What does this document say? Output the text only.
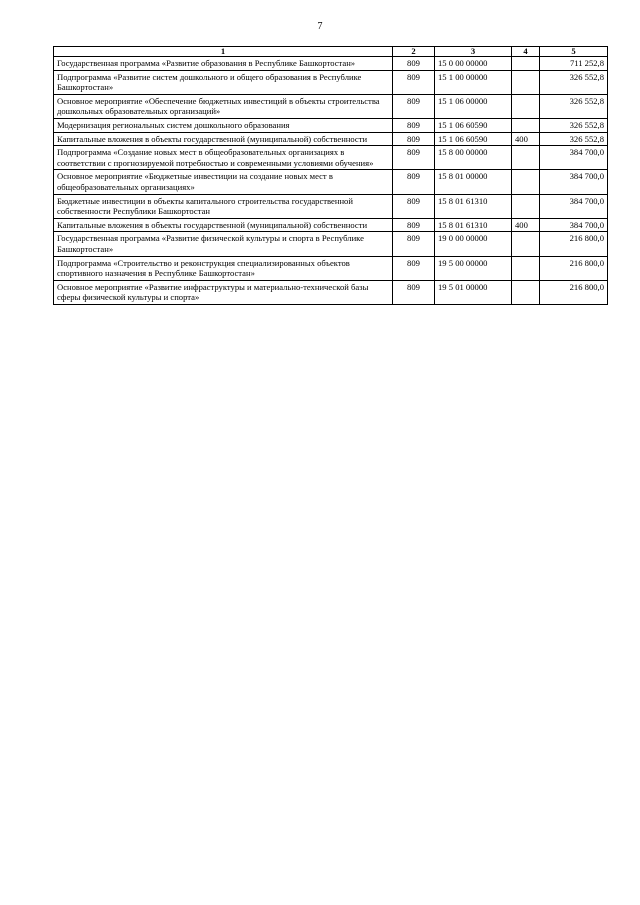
7
1	2	3	4	5
Государственная программа «Развитие образования в Республике Башкортостан»	809	15 0 00 00000		711 252,8
Подпрограмма «Развитие систем дошкольного и общего образования в Республике Башкортостан»	809	15 1 00 00000		326 552,8
Основное мероприятие «Обеспечение бюджетных инвестиций в объекты строительства дошкольных образовательных организаций»	809	15 1 06 00000		326 552,8
Модернизация региональных систем дошкольного образования	809	15 1 06 60590		326 552,8
Капитальные вложения в объекты государственной (муниципальной) собственности	809	15 1 06 60590	400	326 552,8
Подпрограмма «Создание новых мест в общеобразовательных организациях в соответствии с прогнозируемой потребностью и современными условиями обучения»	809	15 8 00 00000		384 700,0
Основное мероприятие «Бюджетные инвестиции на создание новых мест в общеобразовательных организациях»	809	15 8 01 00000		384 700,0
Бюджетные инвестиции в объекты капитального строительства государственной собственности Республики Башкортостан	809	15 8 01 61310		384 700,0
Капитальные вложения в объекты государственной (муниципальной) собственности	809	15 8 01 61310	400	384 700,0
Государственная программа «Развитие физической культуры и спорта в Республике Башкортостан»	809	19 0 00 00000		216 800,0
Подпрограмма «Строительство и реконструкция специализированных объектов спортивного назначения в Республике Башкортостан»	809	19 5 00 00000		216 800,0
Основное мероприятие «Развитие инфраструктуры и материально-технической базы сферы физической культуры и спорта»	809	19 5 01 00000		216 800,0
